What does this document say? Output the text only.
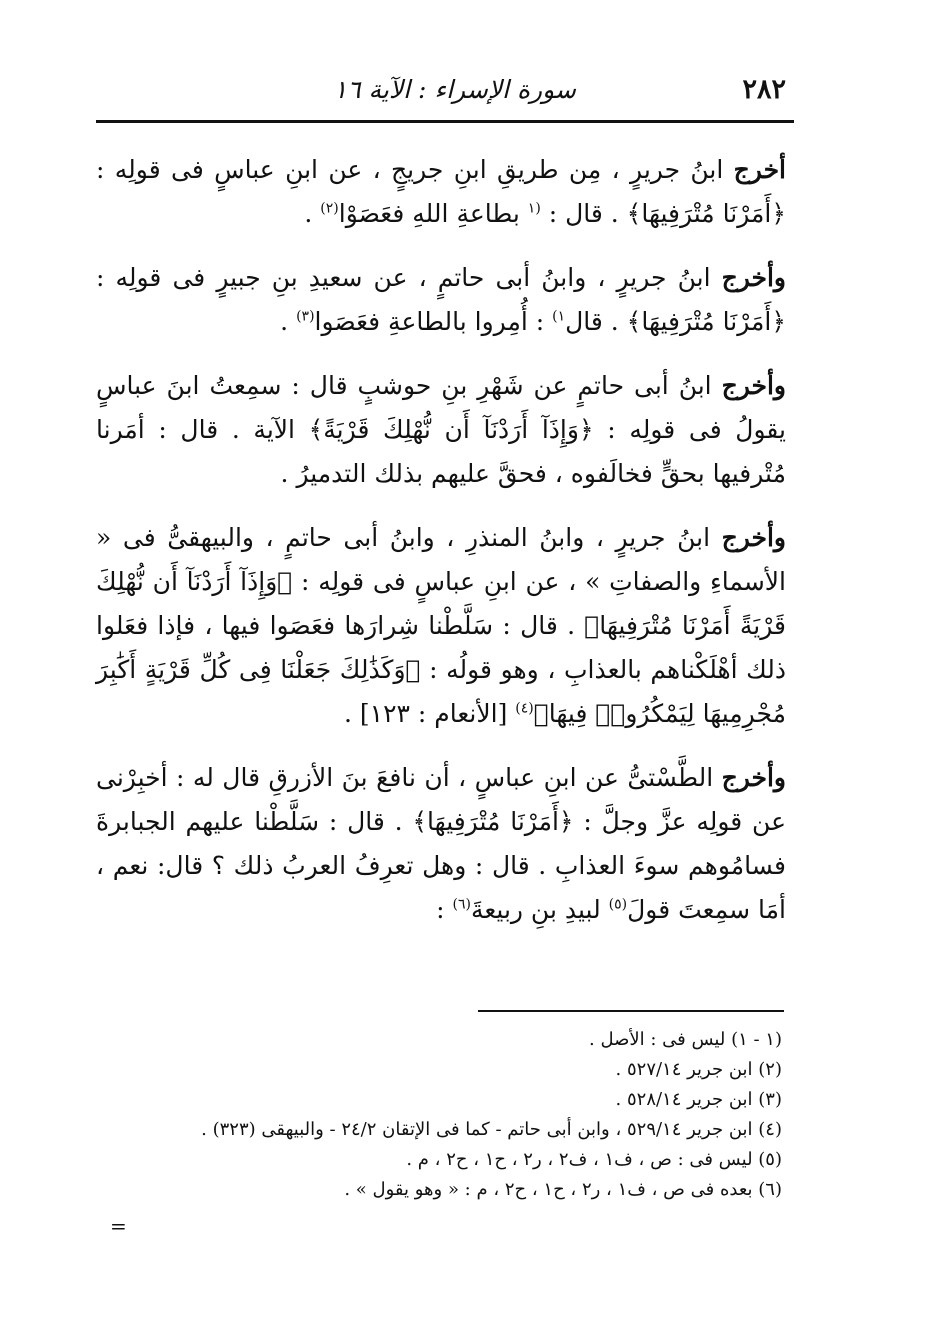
٢٨٢
سورة الإسراء : الآية ١٦

أخرج ابنُ جريرٍ ، مِن طريقِ ابنِ جريجٍ ، عن ابنِ عباسٍ فى قولِه : ﴿أَمَرْنَا مُتْرَفِيهَا﴾ . قال : $^{(١}$ بطاعةِ اللهِ فعَصَوْا$^{(٢)}$ .

وأخرج ابنُ جريرٍ ، وابنُ أبى حاتمٍ ، عن سعيدِ بنِ جبيرٍ فى قولِه : ﴿أَمَرْنَا مُتْرَفِيهَا﴾ . قال$^{١)}$ : أُمِروا بالطاعةِ فعَصَوا$^{(٣)}$ .

وأخرج ابنُ أبى حاتمٍ عن شَهْرِ بنِ حوشبٍ قال : سمِعتُ ابنَ عباسٍ يقولُ فى قولِه : ﴿وَإِذَآ أَرَدْنَآ أَن نُّهْلِكَ قَرْيَةً﴾ الآية . قال : أمَرنا مُتْرفيها بحقٍّ فخالَفوه ، فحقَّ عليهم بذلك التدميرُ .

وأخرج ابنُ جريرٍ ، وابنُ المنذرِ ، وابنُ أبى حاتمٍ ، والبيهقىُّ فى « الأسماءِ والصفاتِ » ، عن ابنِ عباسٍ فى قولِه : ﴿وَإِذَآ أَرَدْنَآ أَن نُّهْلِكَ قَرْيَةً أَمَرْنَا مُتْرَفِيهَا﴾ . قال : سَلَّطْنا شِرارَها فعَصَوا فيها ، فإذا فعَلوا ذلك أهْلَكْناهم بالعذابِ ، وهو قولُه : ﴿وَكَذَٰلِكَ جَعَلْنَا فِى كُلِّ قَرْيَةٍ أَكَٰبِرَ مُجْرِمِيهَا لِيَمْكُرُوا۟ فِيهَا﴾$^{(٤)}$ [الأنعام : ١٢٣] .

وأخرج الطَّسْتىُّ عن ابنِ عباسٍ ، أن نافعَ بنَ الأزرقِ قال له : أخبِرْنى عن قولِه عزَّ وجلَّ : ﴿أَمَرْنَا مُتْرَفِيهَا﴾ . قال : سَلَّطْنا عليهم الجبابرةَ فسامُوهم سوءَ العذابِ . قال : وهل تعرِفُ العربُ ذلك ؟ قال: نعم ، أمَا سمِعتَ قولَ$^{(٥)}$ لبيدِ بنِ ربيعةَ$^{(٦)}$ :

(١ - ١) ليس فى : الأصل .
(٢) ابن جرير ٥٢٧/١٤ .
(٣) ابن جرير ٥٢٨/١٤ .
(٤) ابن جرير ٥٢٩/١٤ ، وابن أبى حاتم - كما فى الإتقان ٢٤/٢ - والبيهقى (٣٢٣) .
(٥) ليس فى : ص ، ف١ ، ف٢ ، ر٢ ، ح١ ، ح٢ ، م .
(٦) بعده فى ص ، ف١ ، ر٢ ، ح١ ، ح٢ ، م : « وهو يقول » .
=
